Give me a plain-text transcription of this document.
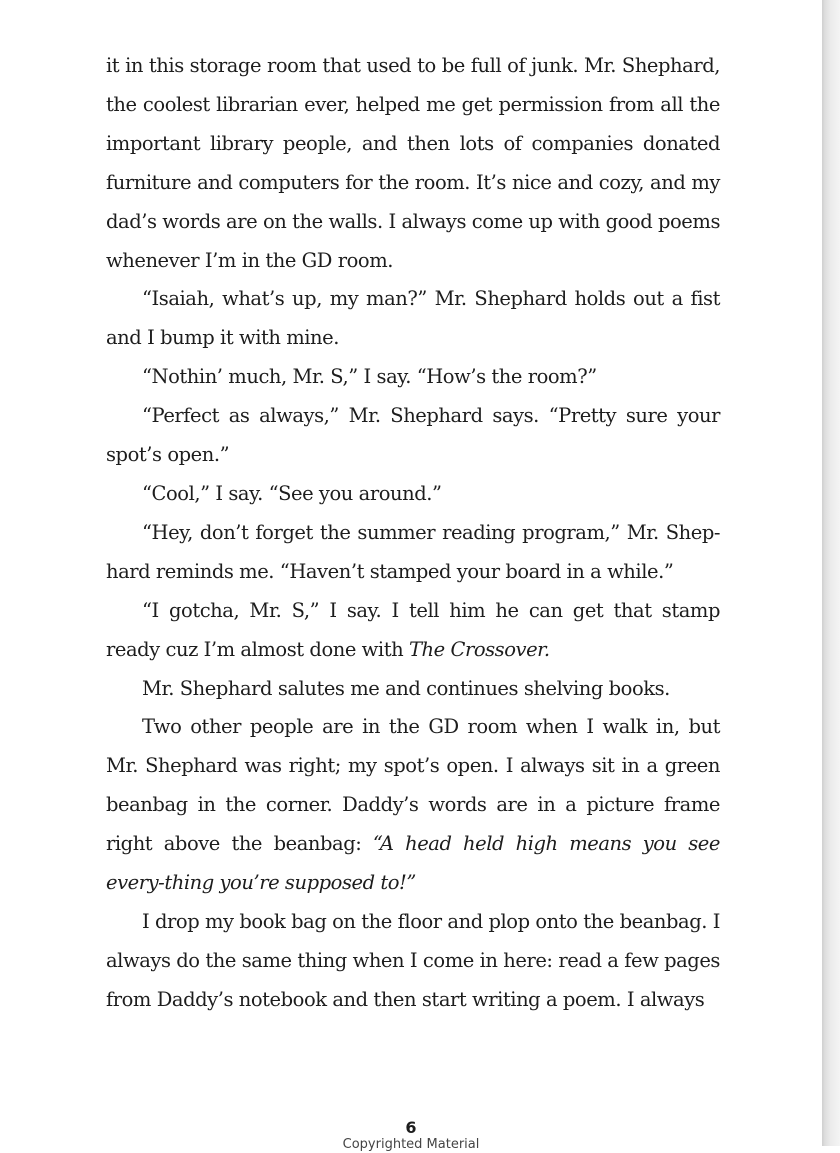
it in this storage room that used to be full of junk. Mr. Shephard, the coolest librarian ever, helped me get permission from all the important library people, and then lots of companies donated furniture and computers for the room. It’s nice and cozy, and my dad’s words are on the walls. I always come up with good poems whenever I’m in the GD room.

“Isaiah, what’s up, my man?” Mr. Shephard holds out a fist and I bump it with mine.

“Nothin’ much, Mr. S,” I say. “How’s the room?”

“Perfect as always,” Mr. Shephard says. “Pretty sure your spot’s open.”

“Cool,” I say. “See you around.”

“Hey, don’t forget the summer reading program,” Mr. Shep-hard reminds me. “Haven’t stamped your board in a while.”

“I gotcha, Mr. S,” I say. I tell him he can get that stamp ready cuz I’m almost done with The Crossover.

Mr. Shephard salutes me and continues shelving books.

Two other people are in the GD room when I walk in, but Mr. Shephard was right; my spot’s open. I always sit in a green beanbag in the corner. Daddy’s words are in a picture frame right above the beanbag: “A head held high means you see every-thing you’re supposed to!”

I drop my book bag on the floor and plop onto the beanbag. I always do the same thing when I come in here: read a few pages from Daddy’s notebook and then start writing a poem. I always

6
Copyrighted Material
